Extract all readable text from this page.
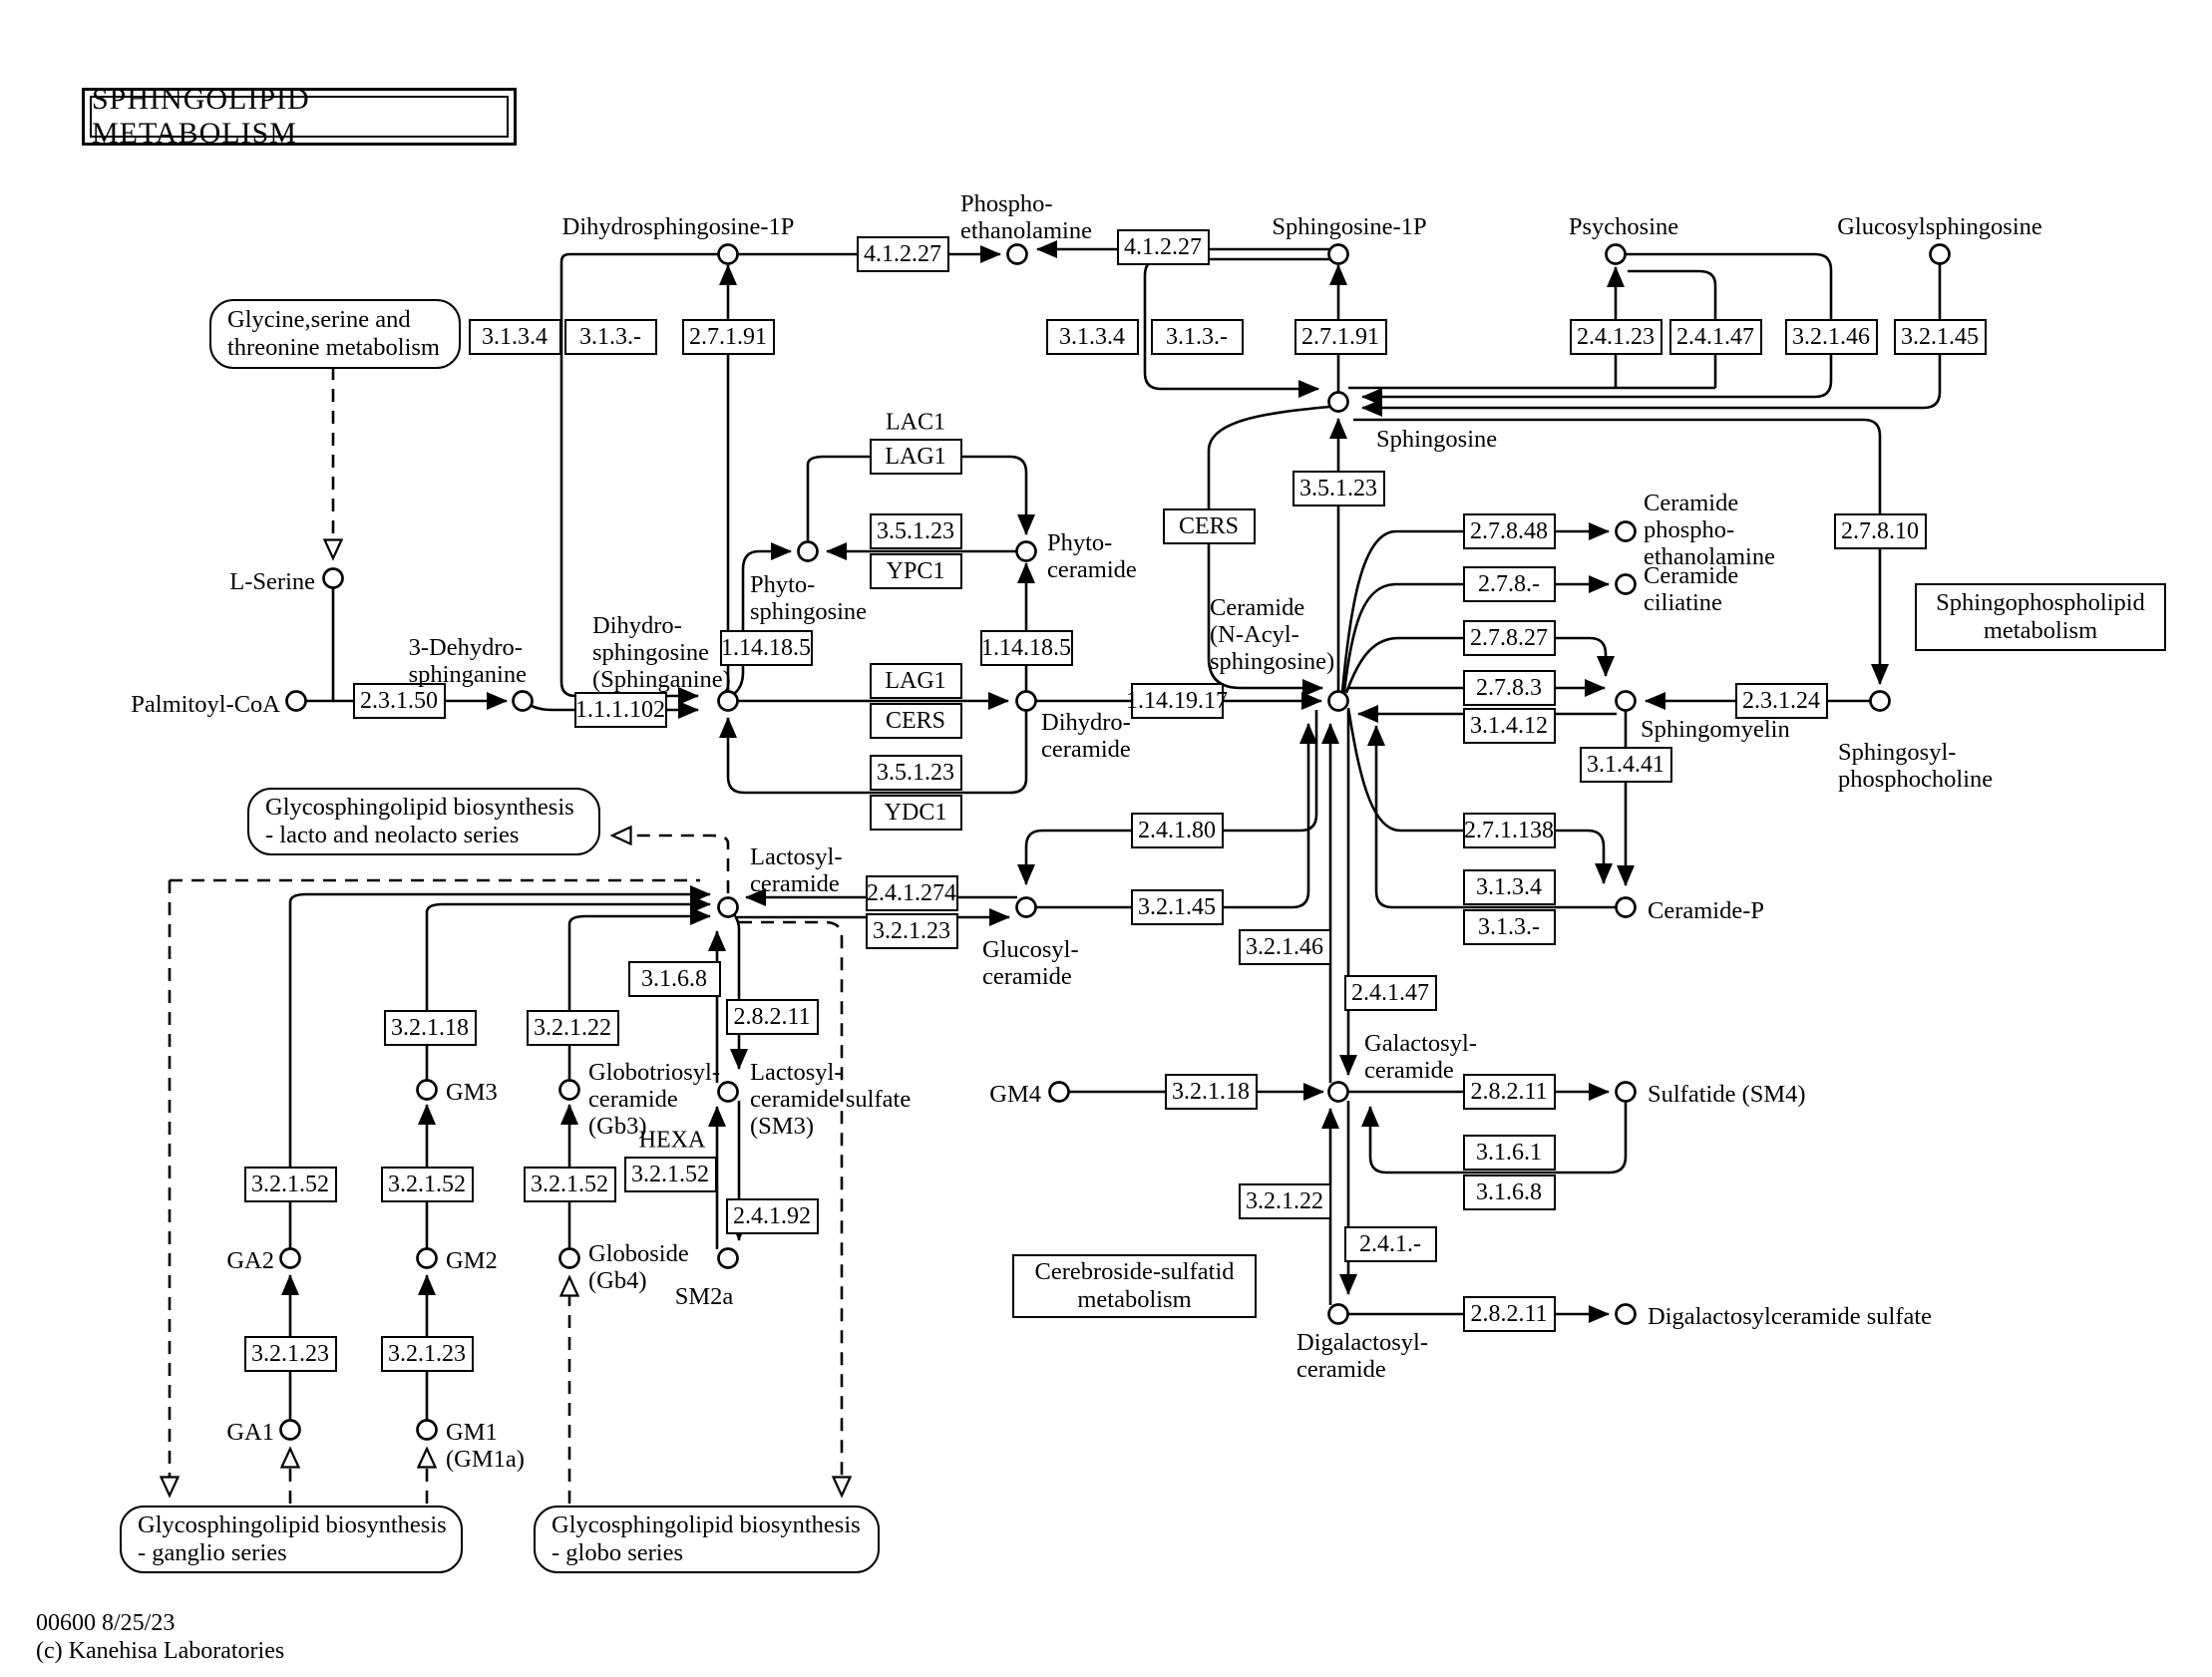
SPHINGOLIPID METABOLISM
00600 8/25/23
(c) Kanehisa Laboratories
3.1.3.4	3.1.3.-	2.7.1.91
4.1.2.27	4.1.2.27
3.1.3.4	3.1.3.-	2.7.1.91	2.4.1.23 2.4.1.47	3.2.1.46	3.2.1.45
3.5.1.23
CERS
LAG1
3.5.1.23
YPC1
1.14.18.5	1.14.18.5
LAG1
CERS
1.14.19.17
3.5.1.23
YDC1
2.7.8.48
2.7.8.-
2.7.8.27
2.7.8.3
3.1.4.12
2.3.1.24
2.7.8.10
3.1.4.41
2.7.1.138
3.1.3.4
3.1.3.-
2.4.1.80
3.2.1.45
2.4.1.274
3.2.1.23
3.2.1.46
2.4.1.47
3.2.1.18	2.8.2.11
3.1.6.1
3.1.6.8
3.2.1.22
2.4.1.-
2.8.2.11
3.1.6.8
2.8.2.11
3.2.1.52
2.4.1.92
3.2.1.18	3.2.1.22
3.2.1.52	3.2.1.52	3.2.1.52
3.2.1.23	3.2.1.23
2.3.1.50	1.1.1.102
LAC1
HEXA
Dihydrosphingosine-1P
Phospho-
ethanolamine	Sphingosine-1P	Psychosine	Glucosylsphingosine
L-Serine
Palmitoyl-CoA
3-Dehydro-
sphinganine
Dihydro-
sphingosine
(Sphinganine)
Phyto-
sphingosine
Phyto-
ceramide
Dihydro-
ceramide
Sphingosine
Ceramide
(N-Acyl-
sphingosine)
Ceramide
phospho-
ethanolamine
Ceramide
ciliatine
Sphingomyelin
Sphingosyl-
phosphocholine
Ceramide-P
Lactosyl-
ceramide
Glucosyl-
ceramide
GM4
Galactosyl-
ceramide
Sulfatide (SM4)
Digalactosyl-
ceramide
Digalactosylceramide sulfate
Lactosyl-
ceramide sulfate
(SM3)
SM2a
GM3
Globotriosyl-
ceramide
(Gb3)
GA2	GM2	Globoside
(Gb4)
GA1	GM1
(GM1a)
Glycine,serine and
threonine metabolism
Glycosphingolipid biosynthesis
- lacto and neolacto series
Glycosphingolipid biosynthesis
- ganglio series
Glycosphingolipid biosynthesis
- globo series
Sphingophospholipid
metabolism
Cerebroside-sulfatid
metabolism
